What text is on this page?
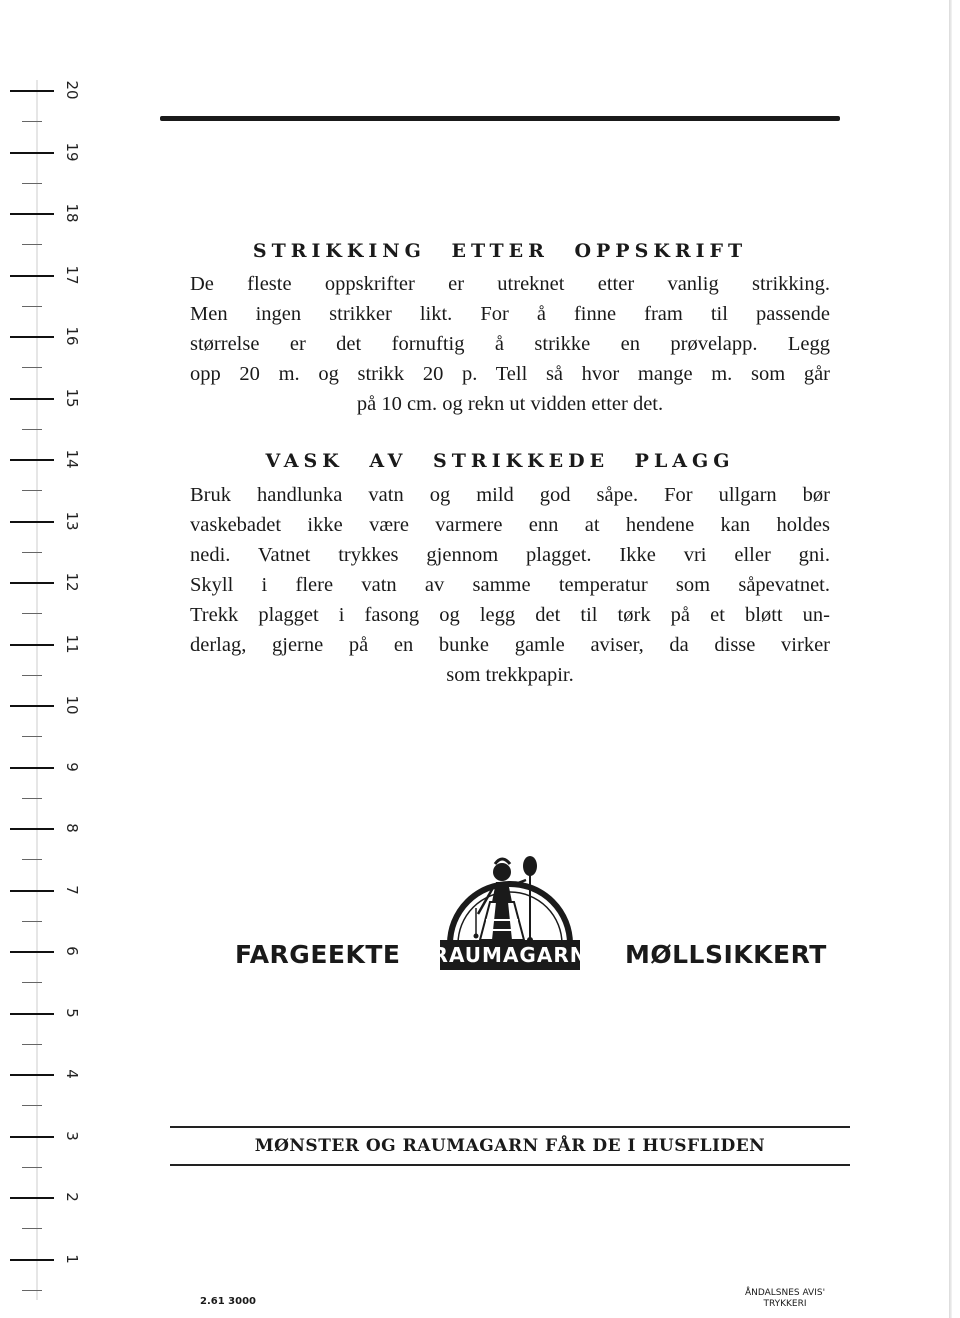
20
19
18
17
16
15
14
13
12
11
10
9
8
7
6
5
4
3
2
1
STRIKKING ETTER OPPSKRIFT
De fleste oppskrifter er utreknet etter vanlig strikking.
Men ingen strikker likt. For å finne fram til passende
størrelse er det fornuftig å strikke en prøvelapp. Legg
opp 20 m. og strikk 20 p. Tell så hvor mange m. som går
på 10 cm. og rekn ut vidden etter det.
VASK AV STRIKKEDE PLAGG
Bruk handlunka vatn og mild god såpe. For ullgarn bør
vaskebadet ikke være varmere enn at hendene kan holdes
nedi. Vatnet trykkes gjennom plagget. Ikke vri eller gni.
Skyll i flere vatn av samme temperatur som såpevatnet.
Trekk plagget i fasong og legg det til tørk på et bløtt un-
derlag, gjerne på en bunke gamle aviser, da disse virker
som trekkpapir.
FARGEEKTE RAUMAGARN MØLLSIKKERT
MØNSTER OG RAUMAGARN FÅR DE I HUSFLIDEN
2.61 3000
ÅNDALSNES AVIS'
TRYKKERI
